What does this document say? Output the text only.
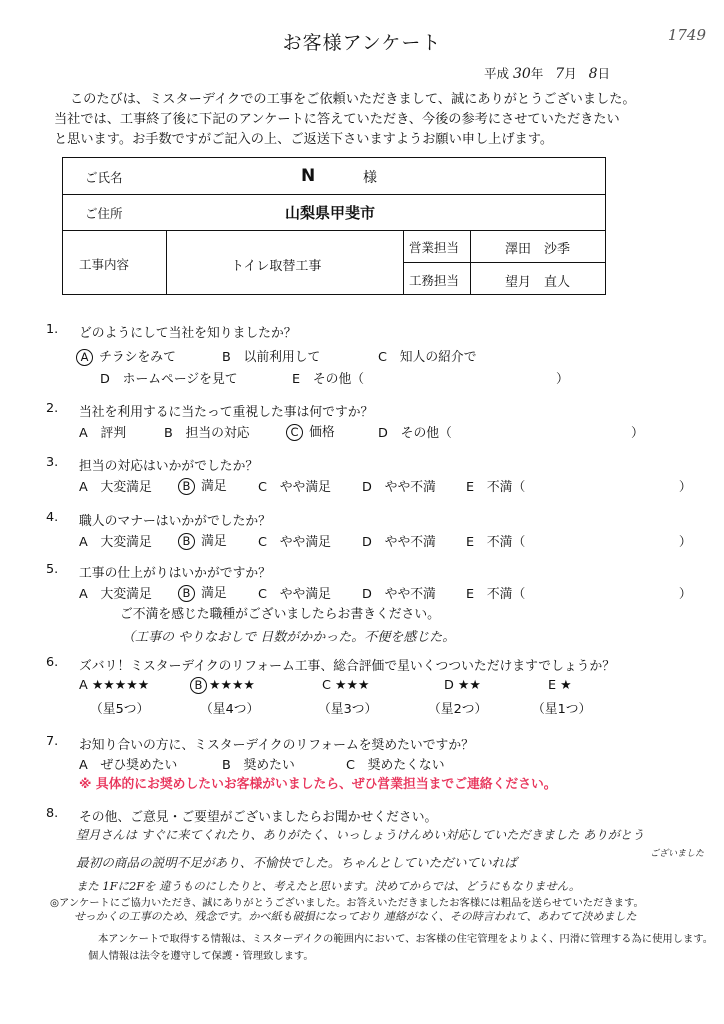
お客様アンケート	1749
平成 30年 7月 8日
このたびは、ミスターデイクでの工事をご依頼いただきまして、誠にありがとうございました。
当社では、工事終了後に下記のアンケートに答えていただき、今後の参考にさせていただきたい
と思います。お手数ですがご記入の上、ご返送下さいますようお願い申し上げます。
ご氏名	N	様
ご住所	山梨県甲斐市
工事内容	トイレ取替工事
営業担当	澤田　沙季
工務担当	望月　直人
1. どのようにして当社を知りましたか？
A チラシをみて	B　以前利用して	C　知人の紹介で
D　ホームページを見て	E　その他（　　　　　　　　　　　　　　　）
2. 当社を利用するに当たって重視した事は何ですか？
A　評判	B　担当の対応	C 価格	D　その他（　　　　　　　　　　　　　　）
3. 担当の対応はいかがでしたか？
A　大変満足	B 満足 C　やや満足 D　やや不満 E　不満（　　　　　　　　　　　　）
4. 職人のマナーはいかがでしたか？
A　大変満足	B 満足 C　やや満足 D　やや不満 E　不満（　　　　　　　　　　　　）
5. 工事の仕上がりはいかがですか？
A　大変満足	B 満足 C　やや満足 D　やや不満 E　不満（　　　　　　　　　　　　）
ご不満を感じた職種がございましたらお書きください。
（工事の やりなおしで 日数がかかった。不便を感じた。
6. ズバリ！ミスターデイクのリフォーム工事、総合評価で星いくつついただけますでしょうか？
A ★★★★★
（星5つ）
B ★★★★
（星4つ）
C ★★★
（星3つ）
D ★★
（星2つ）
E ★
（星1つ）
7. お知り合いの方に、ミスターデイクのリフォームを奨めたいですか？
A　ぜひ奨めたい	B　奨めたい	C　奨めたくない
※ 具体的にお奨めしたいお客様がいましたら、ぜひ営業担当までご連絡ください。
8. その他、ご意見・ご要望がございましたらお聞かせください。
望月さんは すぐに来てくれたり、ありがたく、いっしょうけんめい対応していただきました ありがとう
ございました
最初の商品の説明不足があり、不愉快でした。ちゃんとしていただいていれば
また 1Fに2Fを 違うものにしたりと、考えたと思います。決めてからでは、どうにもなりません。
せっかくの工事のため、残念です。かべ紙も破損になっており 連絡がなく、その時言われて、あわてて決めました
◎アンケートにご協力いただき、誠にありがとうございました。お答えいただきましたお客様には粗品を送らせていただきます。
本アンケートで取得する情報は、ミスターデイクの範囲内において、お客様の住宅管理をよりよく、円滑に管理する為に使用します。
個人情報は法令を遵守して保護・管理致します。
